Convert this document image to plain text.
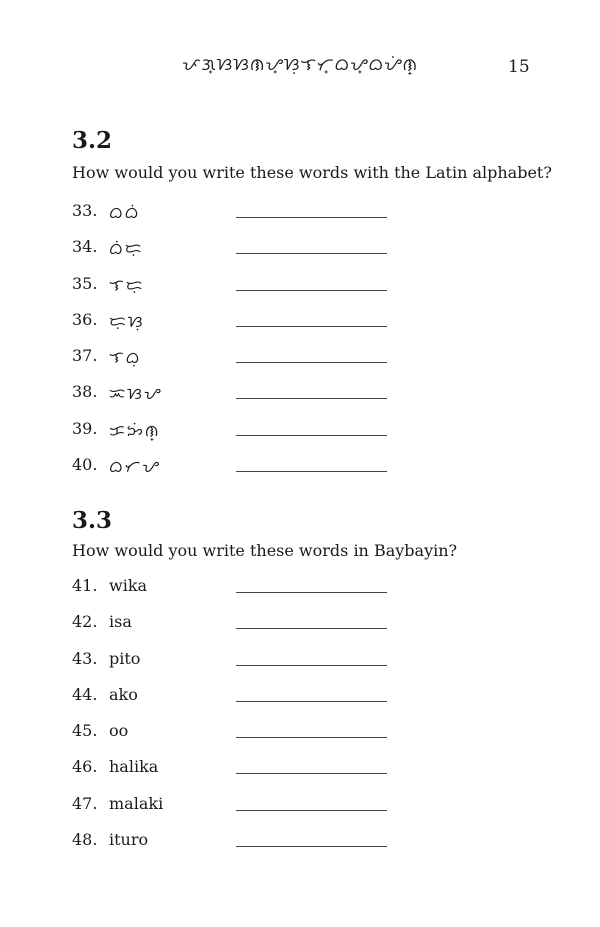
ᜉᜄ᜔ᜐᜐᜈᜌ᜔ᜐᜓᜎᜆ᜔ᜊᜌ᜔ᜊᜌᜒᜈ᜔	15
3.2
How would you write these words with the Latin alphabet?
33. ᜊᜊᜒ
34. ᜊᜒᜇᜓ
35. ᜎᜇᜓ
36. ᜇᜓᜐᜓ
37. ᜎᜊᜓ
38. ᜁᜐᜌ
39. ᜃᜅᜒᜈ᜔
40. ᜊᜆᜌ
3.3
How would you write these words in Baybayin?
41. wika
42. isa
43. pito
44. ako
45. oo
46. halika
47. malaki
48. ituro
